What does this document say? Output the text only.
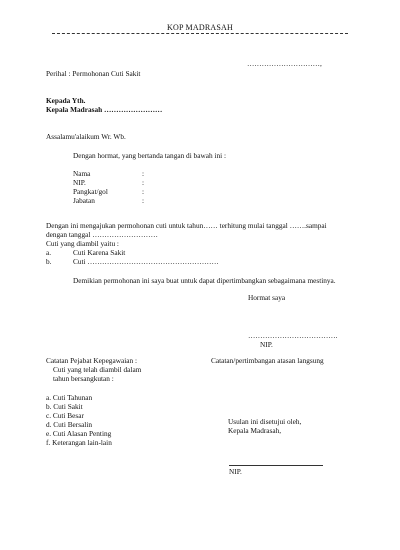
KOP MADRASAH
…………………………,
Perihal : Permohonan Cuti Sakit
Kepada Yth.
Kepala Madrasah ……………………
Assalamu'alaikum Wr. Wb.
Dengan hormat, yang bertanda tangan di bawah ini :
Nama	:
NIP.	:
Pangkat/gol	:
Jabatan	:
Dengan ini mengajukan permohonan cuti untuk tahun…… terhitung mulai tanggal …….sampai
dengan tanggal ………………………
Cuti yang diambil yaitu :
a.	Cuti Karena Sakit
b.	Cuti ………………………………………………
Demikian permohonan ini saya buat untuk dapat dipertimbangkan sebagaimana mestinya.
Hormat saya
……………………………….
NIP.
Catatan Pejabat Kepegawaian :
Cuti yang telah diambil dalam
tahun bersangkutan :
Catatan/pertimbangan atasan langsung
a. Cuti Tahunan
b. Cuti Sakit
c. Cuti Besar
d. Cuti Bersalin
e. Cuti Alasan Penting
f. Keterangan lain-lain
Usulan ini disetujui oleh,
Kepala Madrasah,
NIP.
